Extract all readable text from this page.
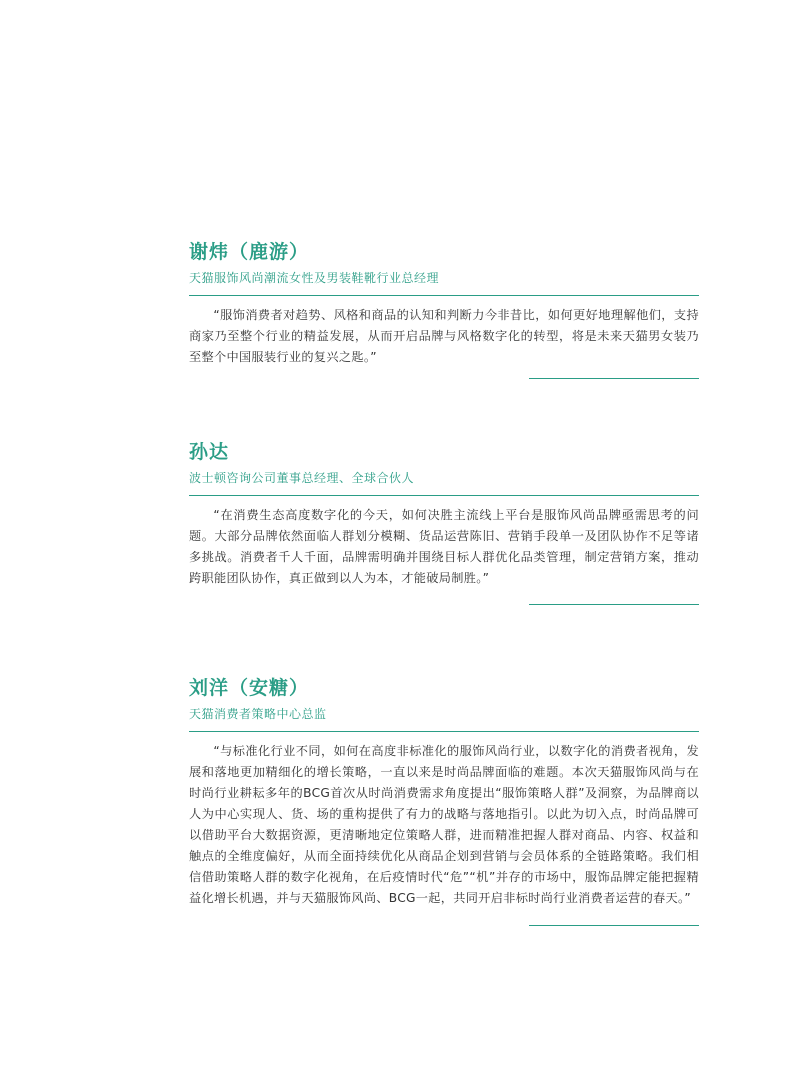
谢炜（鹿游）
天猫服饰风尚潮流女性及男装鞋靴行业总经理

“服饰消费者对趋势、风格和商品的认知和判断力今非昔比，如何更好地理解他们，支持商家乃至整个行业的精益发展，从而开启品牌与风格数字化的转型，将是未来天猫男女装乃至整个中国服装行业的复兴之匙。”

孙达
波士顿咨询公司董事总经理、全球合伙人

“在消费生态高度数字化的今天，如何决胜主流线上平台是服饰风尚品牌亟需思考的问题。大部分品牌依然面临人群划分模糊、货品运营陈旧、营销手段单一及团队协作不足等诸多挑战。消费者千人千面，品牌需明确并围绕目标人群优化品类管理，制定营销方案，推动跨职能团队协作，真正做到以人为本，才能破局制胜。”

刘洋（安糖）
天猫消费者策略中心总监

“与标准化行业不同，如何在高度非标准化的服饰风尚行业，以数字化的消费者视角，发展和落地更加精细化的增长策略，一直以来是时尚品牌面临的难题。本次天猫服饰风尚与在时尚行业耕耘多年的BCG首次从时尚消费需求角度提出“服饰策略人群”及洞察，为品牌商以人为中心实现人、货、场的重构提供了有力的战略与落地指引。以此为切入点，时尚品牌可以借助平台大数据资源，更清晰地定位策略人群，进而精准把握人群对商品、内容、权益和触点的全维度偏好，从而全面持续优化从商品企划到营销与会员体系的全链路策略。我们相信借助策略人群的数字化视角，在后疫情时代“危”“机”并存的市场中，服饰品牌定能把握精益化增长机遇，并与天猫服饰风尚、BCG一起，共同开启非标时尚行业消费者运营的春天。”
